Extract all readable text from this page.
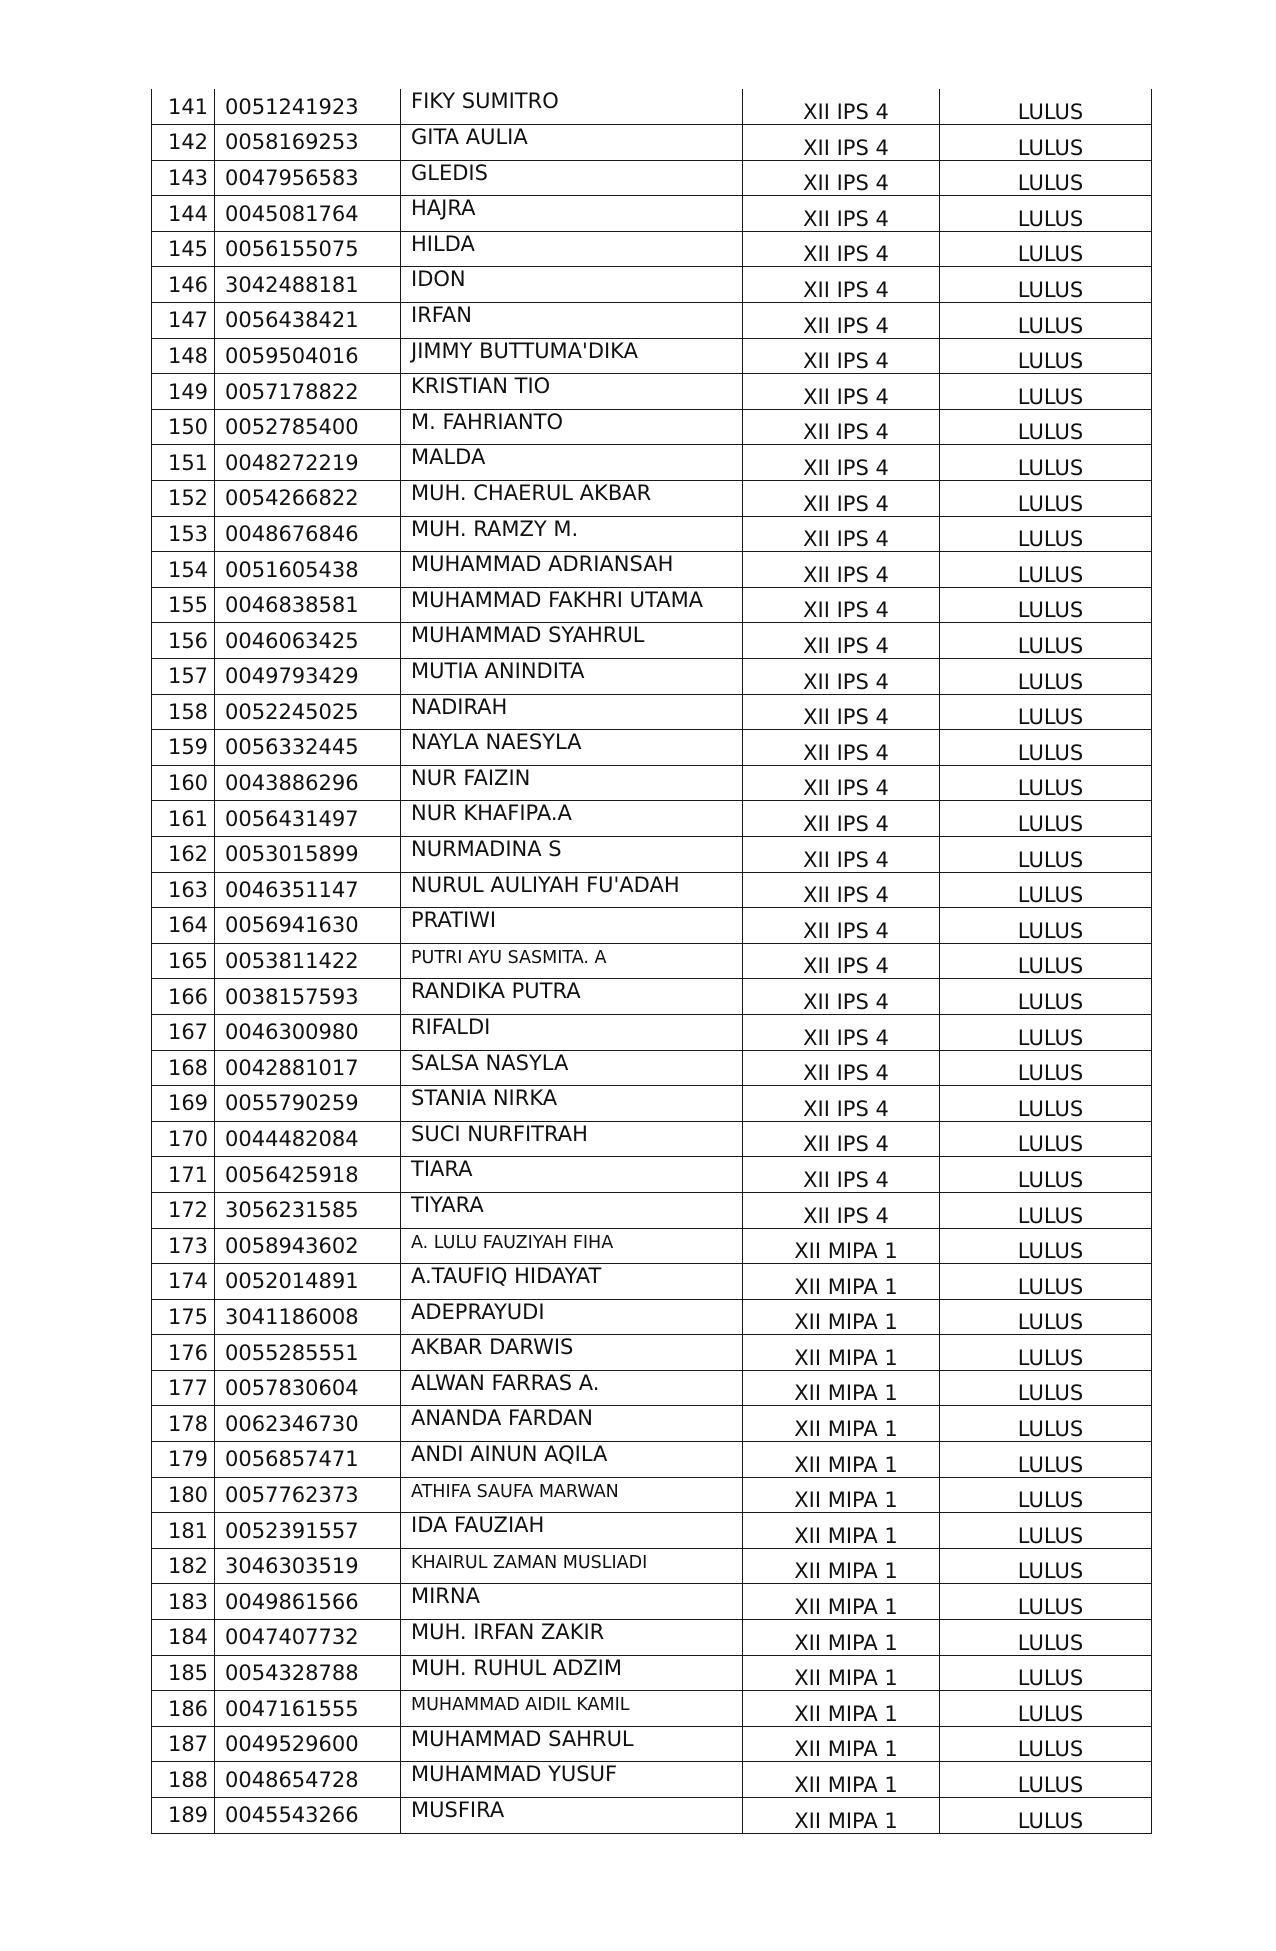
141	0051241923	FIKY SUMITRO	XII IPS 4	LULUS
142	0058169253	GITA AULIA	XII IPS 4	LULUS
143	0047956583	GLEDIS	XII IPS 4	LULUS
144	0045081764	HAJRA	XII IPS 4	LULUS
145	0056155075	HILDA	XII IPS 4	LULUS
146	3042488181	IDON	XII IPS 4	LULUS
147	0056438421	IRFAN	XII IPS 4	LULUS
148	0059504016	JIMMY BUTTUMA'DIKA	XII IPS 4	LULUS
149	0057178822	KRISTIAN TIO	XII IPS 4	LULUS
150	0052785400	M. FAHRIANTO	XII IPS 4	LULUS
151	0048272219	MALDA	XII IPS 4	LULUS
152	0054266822	MUH. CHAERUL AKBAR	XII IPS 4	LULUS
153	0048676846	MUH. RAMZY M.	XII IPS 4	LULUS
154	0051605438	MUHAMMAD ADRIANSAH	XII IPS 4	LULUS
155	0046838581	MUHAMMAD FAKHRI UTAMA	XII IPS 4	LULUS
156	0046063425	MUHAMMAD SYAHRUL	XII IPS 4	LULUS
157	0049793429	MUTIA ANINDITA	XII IPS 4	LULUS
158	0052245025	NADIRAH	XII IPS 4	LULUS
159	0056332445	NAYLA NAESYLA	XII IPS 4	LULUS
160	0043886296	NUR FAIZIN	XII IPS 4	LULUS
161	0056431497	NUR KHAFIPA.A	XII IPS 4	LULUS
162	0053015899	NURMADINA S	XII IPS 4	LULUS
163	0046351147	NURUL AULIYAH FU'ADAH	XII IPS 4	LULUS
164	0056941630	PRATIWI	XII IPS 4	LULUS
165	0053811422	PUTRI AYU SASMITA. A	XII IPS 4	LULUS
166	0038157593	RANDIKA PUTRA	XII IPS 4	LULUS
167	0046300980	RIFALDI	XII IPS 4	LULUS
168	0042881017	SALSA NASYLA	XII IPS 4	LULUS
169	0055790259	STANIA NIRKA	XII IPS 4	LULUS
170	0044482084	SUCI NURFITRAH	XII IPS 4	LULUS
171	0056425918	TIARA	XII IPS 4	LULUS
172	3056231585	TIYARA	XII IPS 4	LULUS
173	0058943602	A. LULU FAUZIYAH FIHA	XII MIPA 1	LULUS
174	0052014891	A.TAUFIQ HIDAYAT	XII MIPA 1	LULUS
175	3041186008	ADEPRAYUDI	XII MIPA 1	LULUS
176	0055285551	AKBAR DARWIS	XII MIPA 1	LULUS
177	0057830604	ALWAN FARRAS A.	XII MIPA 1	LULUS
178	0062346730	ANANDA FARDAN	XII MIPA 1	LULUS
179	0056857471	ANDI AINUN AQILA	XII MIPA 1	LULUS
180	0057762373	ATHIFA SAUFA MARWAN	XII MIPA 1	LULUS
181	0052391557	IDA FAUZIAH	XII MIPA 1	LULUS
182	3046303519	KHAIRUL ZAMAN MUSLIADI	XII MIPA 1	LULUS
183	0049861566	MIRNA	XII MIPA 1	LULUS
184	0047407732	MUH. IRFAN ZAKIR	XII MIPA 1	LULUS
185	0054328788	MUH. RUHUL ADZIM	XII MIPA 1	LULUS
186	0047161555	MUHAMMAD AIDIL KAMIL	XII MIPA 1	LULUS
187	0049529600	MUHAMMAD SAHRUL	XII MIPA 1	LULUS
188	0048654728	MUHAMMAD YUSUF	XII MIPA 1	LULUS
189	0045543266	MUSFIRA	XII MIPA 1	LULUS
